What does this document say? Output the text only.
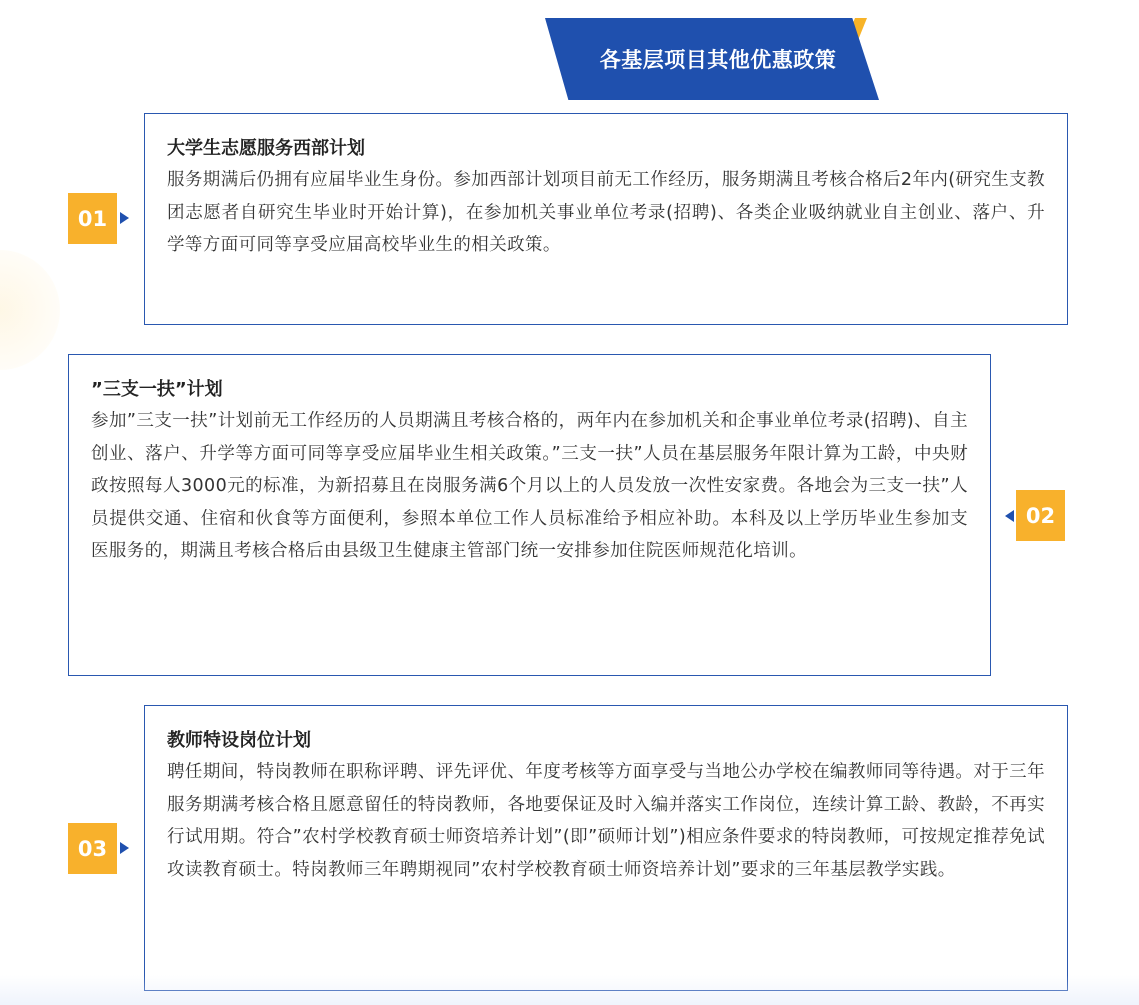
各基层项目其他优惠政策
01

大学生志愿服务西部计划

服务期满后仍拥有应届毕业生身份。参加西部计划项目前无工作经历，服务期满且考核合格后2年内(研究生支教团志愿者自研究生毕业时开始计算)，在参加机关事业单位考录(招聘)、各类企业吸纳就业自主创业、落户、升学等方面可同等享受应届高校毕业生的相关政策。

”三支一扶”计划

参加”三支一扶”计划前无工作经历的人员期满且考核合格的，两年内在参加机关和企事业单位考录(招聘)、自主创业、落户、升学等方面可同等享受应届毕业生相关政策。”三支一扶”人员在基层服务年限计算为工龄，中央财政按照每人3000元的标准，为新招募且在岗服务满6个月以上的人员发放一次性安家费。各地会为三支一扶”人员提供交通、住宿和伙食等方面便利，参照本单位工作人员标准给予相应补助。本科及以上学历毕业生参加支医服务的，期满且考核合格后由县级卫生健康主管部门统一安排参加住院医师规范化培训。

02
03

教师特设岗位计划

聘任期间，特岗教师在职称评聘、评先评优、年度考核等方面享受与当地公办学校在编教师同等待遇。对于三年服务期满考核合格且愿意留任的特岗教师，各地要保证及时入编并落实工作岗位，连续计算工龄、教龄，不再实行试用期。符合”农村学校教育硕士师资培养计划”(即”硕师计划”)相应条件要求的特岗教师，可按规定推荐免试攻读教育硕士。特岗教师三年聘期视同”农村学校教育硕士师资培养计划”要求的三年基层教学实践。
